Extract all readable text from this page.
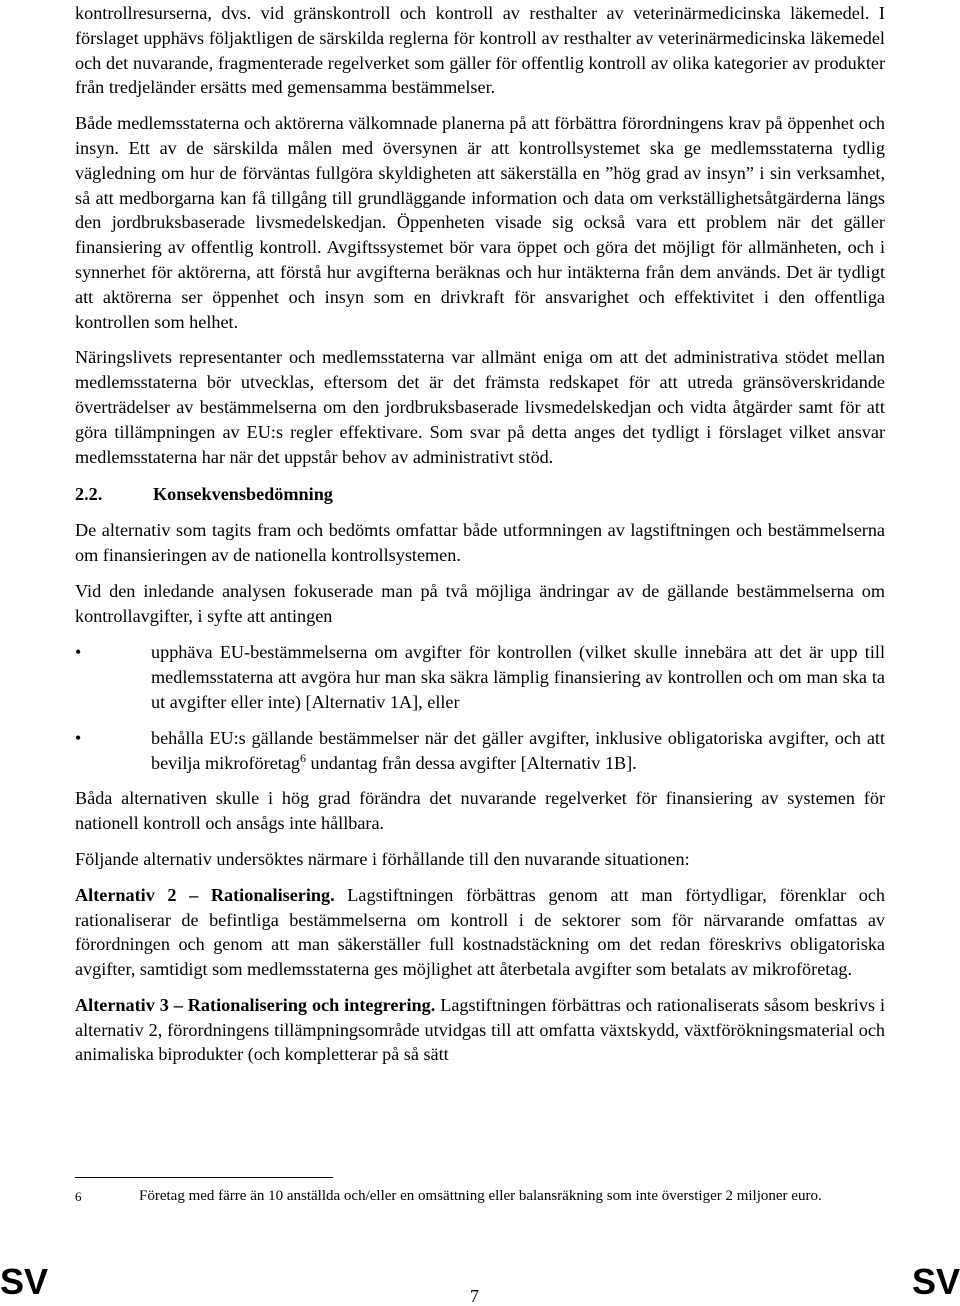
kontrollresurserna, dvs. vid gränskontroll och kontroll av resthalter av veterinärmedicinska läkemedel. I förslaget upphävs följaktligen de särskilda reglerna för kontroll av resthalter av veterinärmedicinska läkemedel och det nuvarande, fragmenterade regelverket som gäller för offentlig kontroll av olika kategorier av produkter från tredjeländer ersätts med gemensamma bestämmelser.

Både medlemsstaterna och aktörerna välkomnade planerna på att förbättra förordningens krav på öppenhet och insyn. Ett av de särskilda målen med översynen är att kontrollsystemet ska ge medlemsstaterna tydlig vägledning om hur de förväntas fullgöra skyldigheten att säkerställa en ”hög grad av insyn” i sin verksamhet, så att medborgarna kan få tillgång till grundläggande information och data om verkställighetsåtgärderna längs den jordbruksbaserade livsmedelskedjan. Öppenheten visade sig också vara ett problem när det gäller finansiering av offentlig kontroll. Avgiftssystemet bör vara öppet och göra det möjligt för allmänheten, och i synnerhet för aktörerna, att förstå hur avgifterna beräknas och hur intäkterna från dem används. Det är tydligt att aktörerna ser öppenhet och insyn som en drivkraft för ansvarighet och effektivitet i den offentliga kontrollen som helhet.

Näringslivets representanter och medlemsstaterna var allmänt eniga om att det administrativa stödet mellan medlemsstaterna bör utvecklas, eftersom det är det främsta redskapet för att utreda gränsöverskridande överträdelser av bestämmelserna om den jordbruksbaserade livsmedelskedjan och vidta åtgärder samt för att göra tillämpningen av EU:s regler effektivare. Som svar på detta anges det tydligt i förslaget vilket ansvar medlemsstaterna har när det uppstår behov av administrativt stöd.

2.2.	Konsekvensbedömning

De alternativ som tagits fram och bedömts omfattar både utformningen av lagstiftningen och bestämmelserna om finansieringen av de nationella kontrollsystemen.

Vid den inledande analysen fokuserade man på två möjliga ändringar av de gällande bestämmelserna om kontrollavgifter, i syfte att antingen

•	upphäva EU-bestämmelserna om avgifter för kontrollen (vilket skulle innebära att det är upp till medlemsstaterna att avgöra hur man ska säkra lämplig finansiering av kontrollen och om man ska ta ut avgifter eller inte) [Alternativ 1A], eller
•	behålla EU:s gällande bestämmelser när det gäller avgifter, inklusive obligatoriska avgifter, och att bevilja mikroföretag$^6$ undantag från dessa avgifter [Alternativ 1B].

Båda alternativen skulle i hög grad förändra det nuvarande regelverket för finansiering av systemen för nationell kontroll och ansågs inte hållbara.

Följande alternativ undersöktes närmare i förhållande till den nuvarande situationen:

Alternativ 2 – Rationalisering. Lagstiftningen förbättras genom att man förtydligar, förenklar och rationaliserar de befintliga bestämmelserna om kontroll i de sektorer som för närvarande omfattas av förordningen och genom att man säkerställer full kostnadstäckning om det redan föreskrivs obligatoriska avgifter, samtidigt som medlemsstaterna ges möjlighet att återbetala avgifter som betalats av mikroföretag.

Alternativ 3 – Rationalisering och integrering. Lagstiftningen förbättras och rationaliserats såsom beskrivs i alternativ 2, förordningens tillämpningsområde utvidgas till att omfatta växtskydd, växtförökningsmaterial och animaliska biprodukter (och kompletterar på så sätt

6	Företag med färre än 10 anställda och/eller en omsättning eller balansräkning som inte överstiger 2 miljoner euro.
SV	7	SV
